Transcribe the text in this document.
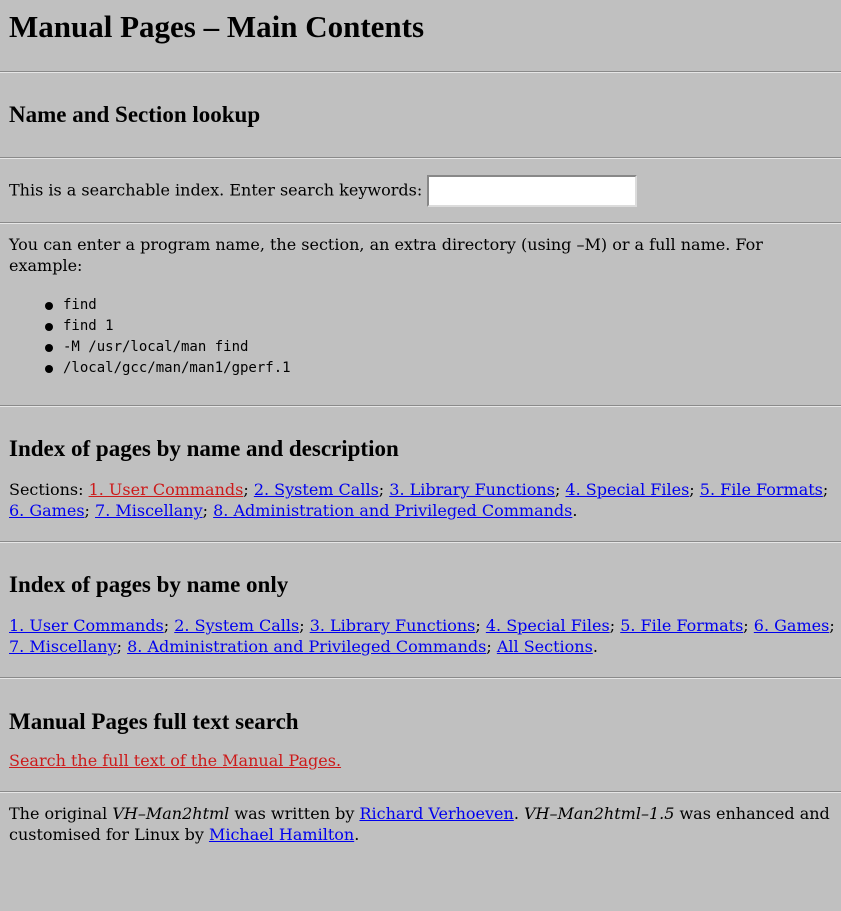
Manual Pages – Main Contents
Name and Section lookup

This is a searchable index. Enter search keywords:

You can enter a program name, the section, an extra directory (using –M) or a full name. For example:

find
find 1
-M /usr/local/man find
/local/gcc/man/man1/gperf.1
Index of pages by name and description

Sections: 1. User Commands; 2. System Calls; 3. Library Functions; 4. Special Files; 5. File Formats; 6. Games; 7. Miscellany; 8. Administration and Privileged Commands.

Index of pages by name only

1. User Commands; 2. System Calls; 3. Library Functions; 4. Special Files; 5. File Formats; 6. Games; 7. Miscellany; 8. Administration and Privileged Commands; All Sections.

Manual Pages full text search

Search the full text of the Manual Pages.

The original VH–Man2html was written by Richard Verhoeven. VH–Man2html–1.5 was enhanced and customised for Linux by Michael Hamilton.
